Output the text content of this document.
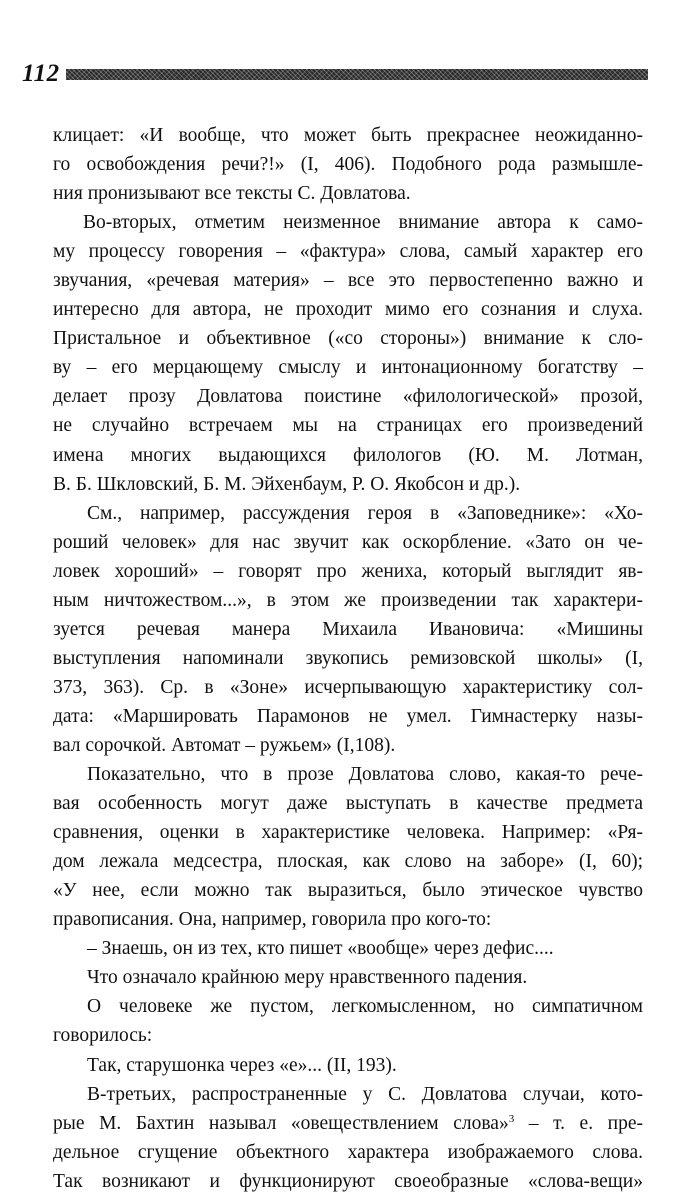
112

клицает: «И вообще, что может быть прекраснее неожиданно-

го освобождения речи?!» (I, 406). Подобного рода размышле-

ния пронизывают все тексты С. Довлатова.

Во-вторых, отметим неизменное внимание автора к само-

му процессу говорения – «фактура» слова, самый характер его

звучания, «речевая материя» – все это первостепенно важно и

интересно для автора, не проходит мимо его сознания и слуха.

Пристальное и объективное («со стороны») внимание к сло-

ву – его мерцающему смыслу и интонационному богатству –

делает прозу Довлатова поистине «филологической» прозой,

не случайно встречаем мы на страницах его произведений

имена многих выдающихся филологов (Ю. М. Лотман,

В. Б. Шкловский, Б. М. Эйхенбаум, Р. О. Якобсон и др.).

См., например, рассуждения героя в «Заповеднике»: «Хо-

роший человек» для нас звучит как оскорбление. «Зато он че-

ловек хороший» – говорят про жениха, который выглядит яв-

ным ничтожеством...», в этом же произведении так характери-

зуется речевая манера Михаила Ивановича: «Мишины

выступления напоминали звукопись ремизовской школы» (I,

373, 363). Ср. в «Зоне» исчерпывающую характеристику сол-

дата: «Маршировать Парамонов не умел. Гимнастерку назы-

вал сорочкой. Автомат – ружьем» (I,108).

Показательно, что в прозе Довлатова слово, какая-то рече-

вая особенность могут даже выступать в качестве предмета

сравнения, оценки в характеристике человека. Например: «Ря-

дом лежала медсестра, плоская, как слово на заборе» (I, 60);

«У нее, если можно так выразиться, было этическое чувство

правописания. Она, например, говорила про кого-то:

– Знаешь, он из тех, кто пишет «вообще» через дефис....

Что означало крайнюю меру нравственного падения.

О человеке же пустом, легкомысленном, но симпатичном

говорилось:

Так, старушонка через «е»... (II, 193).

В-третьих, распространенные у С. Довлатова случаи, кото-

рые М. Бахтин называл «овеществлением слова»$^3$ – т. е. пре-

дельное сгущение объектного характера изображаемого слова.

Так возникают и функционируют своеобразные «слова-вещи»
